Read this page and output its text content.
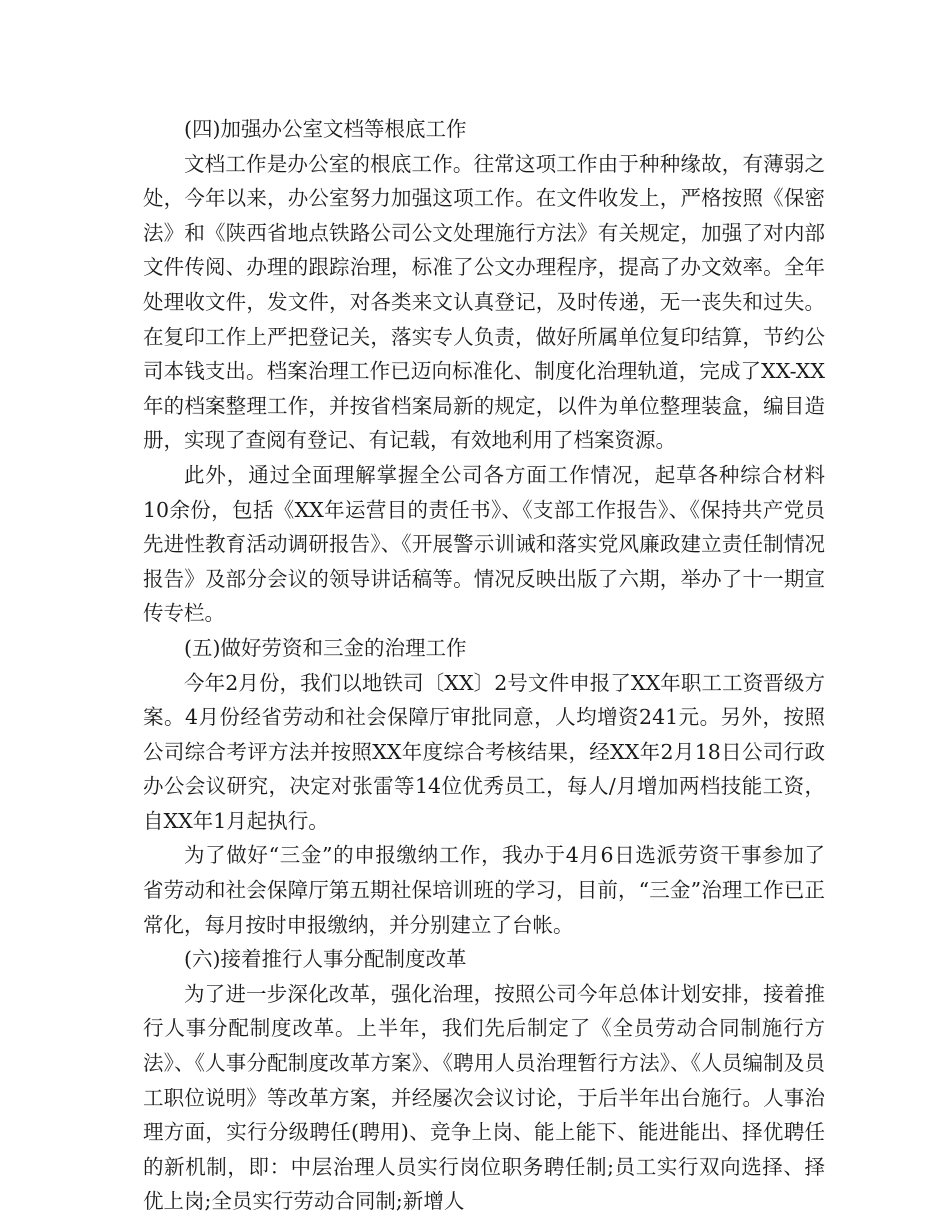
(四)加强办公室文档等根底工作

文档工作是办公室的根底工作。往常这项工作由于种种缘故，有薄弱之处，今年以来，办公室努力加强这项工作。在文件收发上，严格按照《保密法》和《陕西省地点铁路公司公文处理施行方法》有关规定，加强了对内部文件传阅、办理的跟踪治理，标准了公文办理程序，提高了办文效率。全年处理收文件，发文件，对各类来文认真登记，及时传递，无一丧失和过失。在复印工作上严把登记关，落实专人负责，做好所属单位复印结算，节约公司本钱支出。档案治理工作已迈向标准化、制度化治理轨道，完成了XX-XX年的档案整理工作，并按省档案局新的规定，以件为单位整理装盒，编目造册，实现了查阅有登记、有记载，有效地利用了档案资源。

此外，通过全面理解掌握全公司各方面工作情况，起草各种综合材料10余份，包括《XX年运营目的责任书》、《支部工作报告》、《保持共产党员先进性教育活动调研报告》、《开展警示训诫和落实党风廉政建立责任制情况报告》及部分会议的领导讲话稿等。情况反映出版了六期，举办了十一期宣传专栏。

(五)做好劳资和三金的治理工作

今年2月份，我们以地铁司〔XX〕2号文件申报了XX年职工工资晋级方案。4月份经省劳动和社会保障厅审批同意，人均增资241元。另外，按照公司综合考评方法并按照XX年度综合考核结果，经XX年2月18日公司行政办公会议研究，决定对张雷等14位优秀员工，每人/月增加两档技能工资，自XX年1月起执行。

为了做好“三金”的申报缴纳工作，我办于4月6日选派劳资干事参加了省劳动和社会保障厅第五期社保培训班的学习，目前，“三金”治理工作已正常化，每月按时申报缴纳，并分别建立了台帐。

(六)接着推行人事分配制度改革

为了进一步深化改革，强化治理，按照公司今年总体计划安排，接着推行人事分配制度改革。上半年，我们先后制定了《全员劳动合同制施行方法》、《人事分配制度改革方案》、《聘用人员治理暂行方法》、《人员编制及员工职位说明》等改革方案，并经屡次会议讨论，于后半年出台施行。人事治理方面，实行分级聘任(聘用)、竞争上岗、能上能下、能进能出、择优聘任的新机制，即：中层治理人员实行岗位职务聘任制;员工实行双向选择、择优上岗;全员实行劳动合同制;新增人
